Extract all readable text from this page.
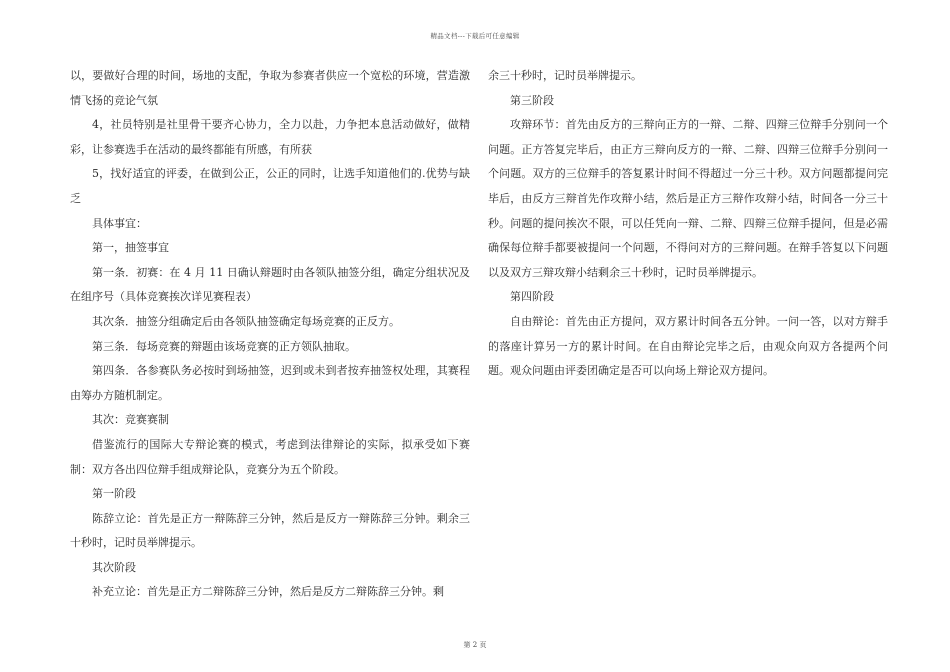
精品文档---下载后可任意编辑

以，要做好合理的时间，场地的支配，争取为参赛者供应一个宽松的环境，营造激情飞扬的竞论气氛

4，社员特别是社里骨干要齐心协力，全力以赴，力争把本息活动做好，做精彩，让参赛选手在活动的最终都能有所感，有所获

5，找好适宜的评委，在做到公正，公正的同时，让选手知道他们的.优势与缺乏

具体事宜：

第一，抽签事宜

第一条．初赛：在 4 月 11 日确认辩题时由各领队抽签分组，确定分组状况及在组序号（具体竞赛挨次详见赛程表）

其次条．抽签分组确定后由各领队抽签确定每场竞赛的正反方。

第三条．每场竞赛的辩题由该场竞赛的正方领队抽取。

第四条．各参赛队务必按时到场抽签，迟到或未到者按弃抽签权处理，其赛程由筹办方随机制定。

其次：竞赛赛制

借鉴流行的国际大专辩论赛的模式，考虑到法律辩论的实际，拟承受如下赛制：双方各出四位辩手组成辩论队，竞赛分为五个阶段。

第一阶段

陈辞立论：首先是正方一辩陈辞三分钟，然后是反方一辩陈辞三分钟。剩余三十秒时，记时员举牌提示。

其次阶段

补充立论：首先是正方二辩陈辞三分钟，然后是反方二辩陈辞三分钟。剩

余三十秒时，记时员举牌提示。

第三阶段

攻辩环节：首先由反方的三辩向正方的一辩、二辩、四辩三位辩手分别问一个问题。正方答复完毕后，由正方三辩向反方的一辩、二辩、四辩三位辩手分别问一个问题。双方的三位辩手的答复累计时间不得超过一分三十秒。双方问题都提问完毕后，由反方三辩首先作攻辩小结，然后是正方三辩作攻辩小结，时间各一分三十秒。问题的提问挨次不限，可以任凭向一辩、二辩、四辩三位辩手提问，但是必需确保每位辩手都要被提问一个问题，不得问对方的三辩问题。在辩手答复以下问题以及双方三辩攻辩小结剩余三十秒时，记时员举牌提示。

第四阶段

自由辩论：首先由正方提问，双方累计时间各五分钟。一问一答，以对方辩手的落座计算另一方的累计时间。在自由辩论完毕之后，由观众向双方各提两个问题。观众问题由评委团确定是否可以向场上辩论双方提问。

第 2 页
